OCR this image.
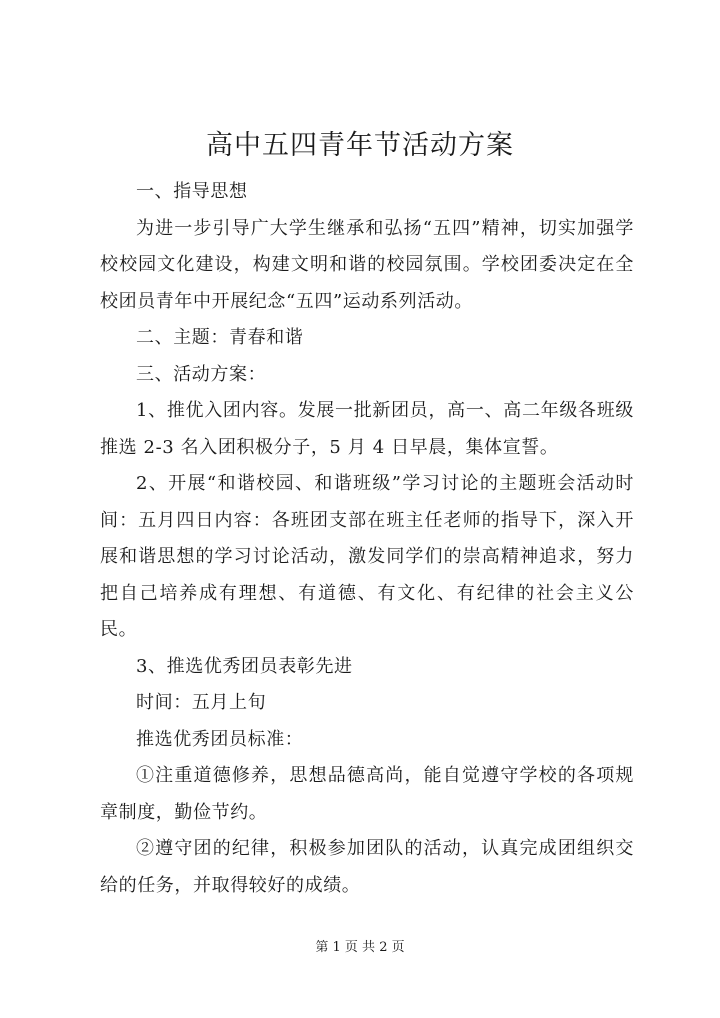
高中五四青年节活动方案

一、指导思想

为进一步引导广大学生继承和弘扬“五四”精神，切实加强学校校园文化建设，构建文明和谐的校园氛围。学校团委决定在全校团员青年中开展纪念“五四”运动系列活动。

二、主题：青春和谐

三、活动方案：

1、推优入团内容。发展一批新团员，高一、高二年级各班级推选 2-3 名入团积极分子，5 月 4 日早晨，集体宣誓。

2、开展“和谐校园、和谐班级”学习讨论的主题班会活动时间：五月四日内容：各班团支部在班主任老师的指导下，深入开展和谐思想的学习讨论活动，激发同学们的崇高精神追求，努力把自己培养成有理想、有道德、有文化、有纪律的社会主义公民。

3、推选优秀团员表彰先进

时间：五月上旬

推选优秀团员标准：

①注重道德修养，思想品德高尚，能自觉遵守学校的各项规章制度，勤俭节约。

②遵守团的纪律，积极参加团队的活动，认真完成团组织交给的任务，并取得较好的成绩。

第 1 页 共 2 页
